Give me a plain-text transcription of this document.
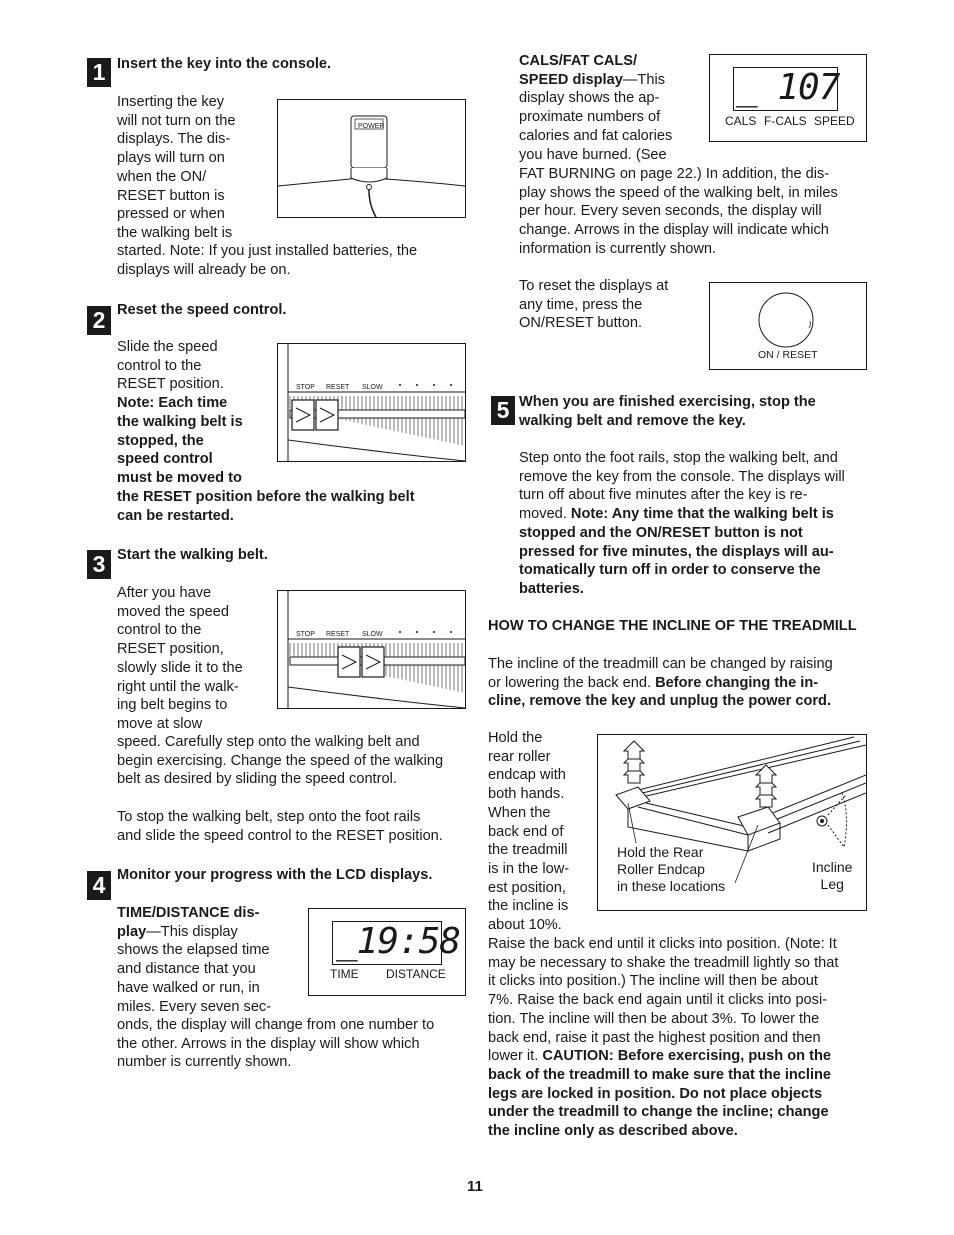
1 Insert the key into the console.

Inserting the key

will not turn on the

displays. The dis-

plays will turn on

when the ON/

RESET button is

pressed or when

the walking belt is

started. Note: If you just installed batteries, the

displays will already be on.

POWER
2 Reset the speed control.

Slide the speed

control to the

RESET position.

Note: Each time

the walking belt is

stopped, the

speed control

must be moved to

the RESET position before the walking belt

can be restarted.

STOP RESET SLOW
3 Start the walking belt.

After you have

moved the speed

control to the

RESET position,

slowly slide it to the

right until the walk-

ing belt begins to

move at slow

speed. Carefully step onto the walking belt and

begin exercising. Change the speed of the walking

belt as desired by sliding the speed control.

To stop the walking belt, step onto the foot rails

and slide the speed control to the RESET position.

STOP RESET SLOW
4 Monitor your progress with the LCD displays.

TIME/DISTANCE dis-

play—This display

shows the elapsed time

and distance that you

have walked or run, in

miles. Every seven sec-

onds, the display will change from one number to

the other. Arrows in the display will show which

number is currently shown.

_19:58
TIME DISTANCE

CALS/FAT CALS/

SPEED display—This

display shows the ap-

proximate numbers of

calories and fat calories

you have burned. (See

FAT BURNING on page 22.) In addition, the dis-

play shows the speed of the walking belt, in miles

per hour. Every seven seconds, the display will

change. Arrows in the display will indicate which

information is currently shown.

_ 107
CALS F-CALS SPEED

To reset the displays at

any time, press the

ON/RESET button.

ON / RESET
5 When you are finished exercising, stop the

walking belt and remove the key.

Step onto the foot rails, stop the walking belt, and

remove the key from the console. The displays will

turn off about five minutes after the key is re-

moved. Note: Any time that the walking belt is

stopped and the ON/RESET button is not

pressed for five minutes, the displays will au-

tomatically turn off in order to conserve the

batteries.

HOW TO CHANGE THE INCLINE OF THE TREADMILL

The incline of the treadmill can be changed by raising

or lowering the back end. Before changing the in-

cline, remove the key and unplug the power cord.

Hold the

rear roller

endcap with

both hands.

When the

back end of

the treadmill

is in the low-

est position,

the incline is

about 10%.

Hold the Rear
Roller Endcap
in these locations
Incline
Leg

Raise the back end until it clicks into position. (Note: It

may be necessary to shake the treadmill lightly so that

it clicks into position.) The incline will then be about

7%. Raise the back end again until it clicks into posi-

tion. The incline will then be about 3%. To lower the

back end, raise it past the highest position and then

lower it. CAUTION: Before exercising, push on the

back of the treadmill to make sure that the incline

legs are locked in position. Do not place objects

under the treadmill to change the incline; change

the incline only as described above.

11
